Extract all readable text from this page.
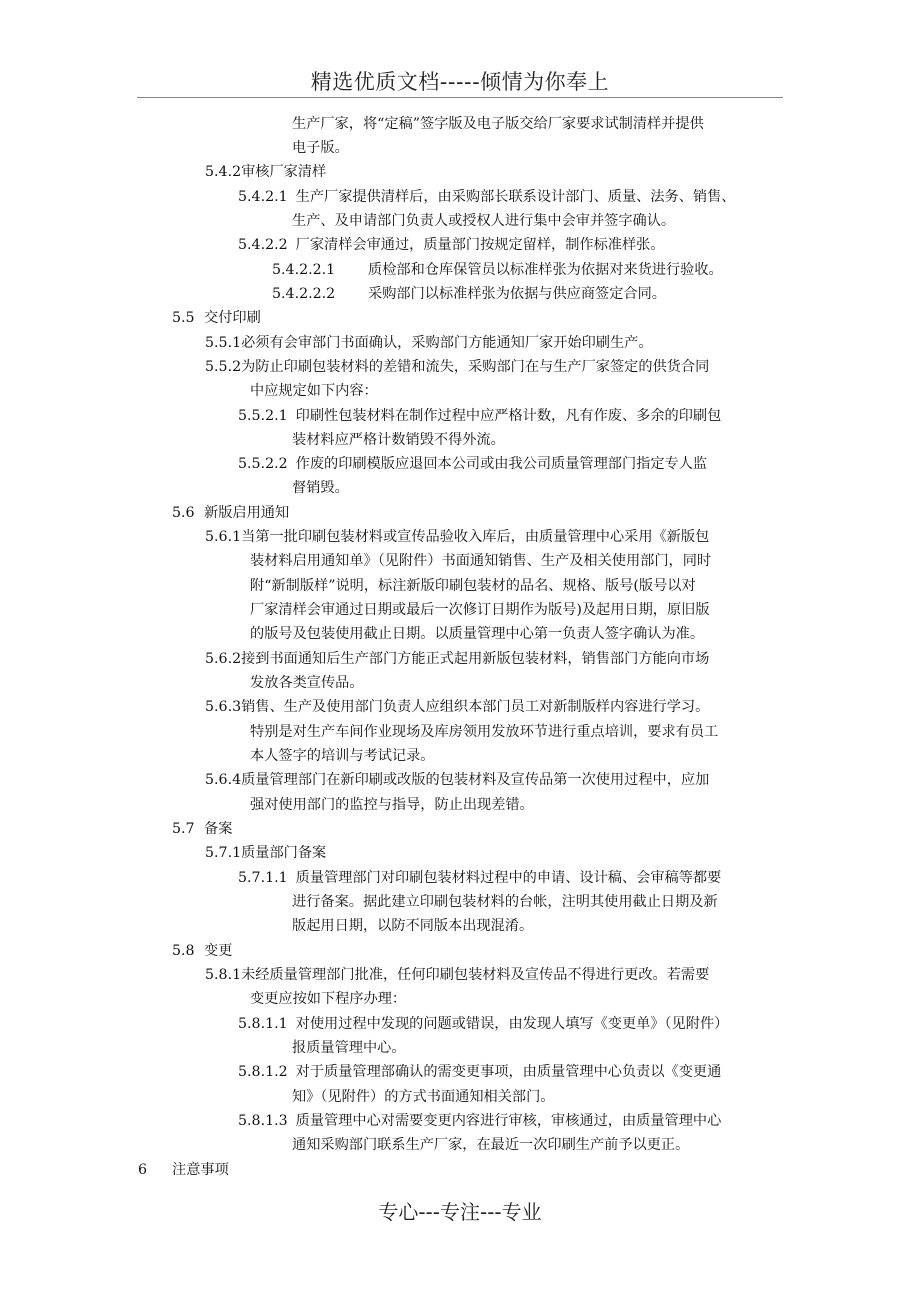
精选优质文档-----倾情为你奉上
生产厂家，将“定稿”签字版及电子版交给厂家要求试制清样并提供
电子版。
5.4.2审核厂家清样
5.4.2.1 生产厂家提供清样后，由采购部长联系设计部门、质量、法务、销售、
生产、及申请部门负责人或授权人进行集中会审并签字确认。
5.4.2.2 厂家清样会审通过，质量部门按规定留样，制作标准样张。
5.4.2.2.1 质检部和仓库保管员以标准样张为依据对来货进行验收。
5.4.2.2.2 采购部门以标准样张为依据与供应商签定合同。
5.5 交付印刷
5.5.1必须有会审部门书面确认，采购部门方能通知厂家开始印刷生产。
5.5.2为防止印刷包装材料的差错和流失，采购部门在与生产厂家签定的供货合同
中应规定如下内容：
5.5.2.1 印刷性包装材料在制作过程中应严格计数，凡有作废、多余的印刷包
装材料应严格计数销毁不得外流。
5.5.2.2 作废的印刷模版应退回本公司或由我公司质量管理部门指定专人监
督销毁。
5.6 新版启用通知
5.6.1当第一批印刷包装材料或宣传品验收入库后，由质量管理中心采用《新版包
装材料启用通知单》（见附件）书面通知销售、生产及相关使用部门，同时
附“新制版样”说明，标注新版印刷包装材的品名、规格、版号(版号以对
厂家清样会审通过日期或最后一次修订日期作为版号)及起用日期，原旧版
的版号及包装使用截止日期。以质量管理中心第一负责人签字确认为准。
5.6.2接到书面通知后生产部门方能正式起用新版包装材料，销售部门方能向市场
发放各类宣传品。
5.6.3销售、生产及使用部门负责人应组织本部门员工对新制版样内容进行学习。
特别是对生产车间作业现场及库房领用发放环节进行重点培训，要求有员工
本人签字的培训与考试记录。
5.6.4质量管理部门在新印刷或改版的包装材料及宣传品第一次使用过程中，应加
强对使用部门的监控与指导，防止出现差错。
5.7 备案
5.7.1质量部门备案
5.7.1.1 质量管理部门对印刷包装材料过程中的申请、设计稿、会审稿等都要
进行备案。据此建立印刷包装材料的台帐，注明其使用截止日期及新
版起用日期，以防不同版本出现混淆。
5.8 变更
5.8.1未经质量管理部门批准，任何印刷包装材料及宣传品不得进行更改。若需要
变更应按如下程序办理：
5.8.1.1 对使用过程中发现的问题或错误，由发现人填写《变更单》（见附件）
报质量管理中心。
5.8.1.2 对于质量管理部确认的需变更事项，由质量管理中心负责以《变更通
知》（见附件）的方式书面通知相关部门。
5.8.1.3 质量管理中心对需要变更内容进行审核，审核通过，由质量管理中心
通知采购部门联系生产厂家，在最近一次印刷生产前予以更正。
6 注意事项
专心---专注---专业
